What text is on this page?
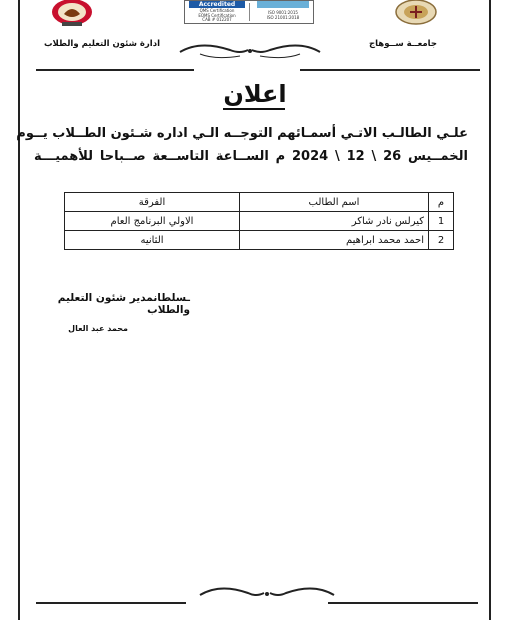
Accredited
QMS Certification
EOMS Certification
CAB # 012207
ISO 9001:2015
ISO 21001:2018
ادارة شئون التعليم والطلاب	جامعــة ســوهاج
اعلان
علـي الطالـب الاتـي أسمـائهم التوجــه الـي اداره شـئون الطــلاب يــوم
الخمــيس 26 \ 12 \ 2024 م الســاعة التاســعة صــباحا للأهميـــة
م	اسم الطالب	الفرقة
1	كيرلس نادر شاكر	الاولي البرنامج العام
2	احمد محمد ابراهيم	الثانيه
ـسلطانمدير شئون التعليم والطلاب
محمد عبد العال
